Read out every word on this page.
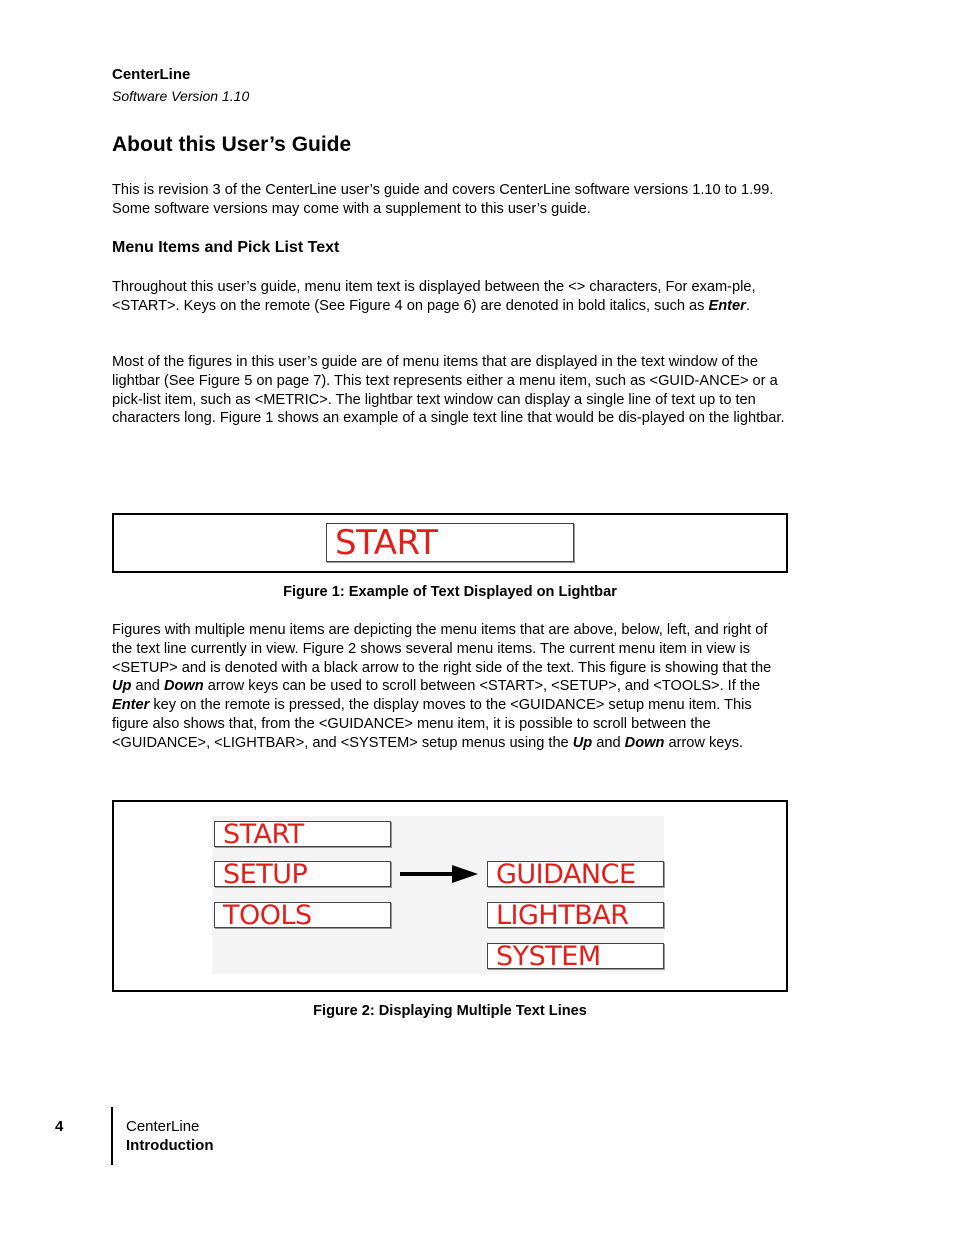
CenterLine
Software Version 1.10
About this User’s Guide
This is revision 3 of the CenterLine user’s guide and covers CenterLine software versions 1.10 to 1.99. Some software versions may come with a supplement to this user’s guide.
Menu Items and Pick List Text
Throughout this user’s guide, menu item text is displayed between the <> characters, For exam-ple, <START>. Keys on the remote (See Figure 4 on page 6) are denoted in bold italics, such as Enter.
Most of the figures in this user’s guide are of menu items that are displayed in the text window of the lightbar (See Figure 5 on page 7). This text represents either a menu item, such as <GUID-ANCE> or a pick-list item, such as <METRIC>. The lightbar text window can display a single line of text up to ten characters long. Figure 1 shows an example of a single text line that would be dis-played on the lightbar.
START
Figure 1: Example of Text Displayed on Lightbar
Figures with multiple menu items are depicting the menu items that are above, below, left, and right of the text line currently in view. Figure 2 shows several menu items. The current menu item in view is <SETUP> and is denoted with a black arrow to the right side of the text. This figure is showing that the Up and Down arrow keys can be used to scroll between <START>, <SETUP>, and <TOOLS>. If the Enter key on the remote is pressed, the display moves to the <GUIDANCE> setup menu item. This figure also shows that, from the <GUIDANCE> menu item, it is possible to scroll between the <GUIDANCE>, <LIGHTBAR>, and <SYSTEM> setup menus using the Up and Down arrow keys.
START
SETUP
TOOLS
GUIDANCE
LIGHTBAR
SYSTEM
Figure 2: Displaying Multiple Text Lines
4	CenterLine
Introduction
